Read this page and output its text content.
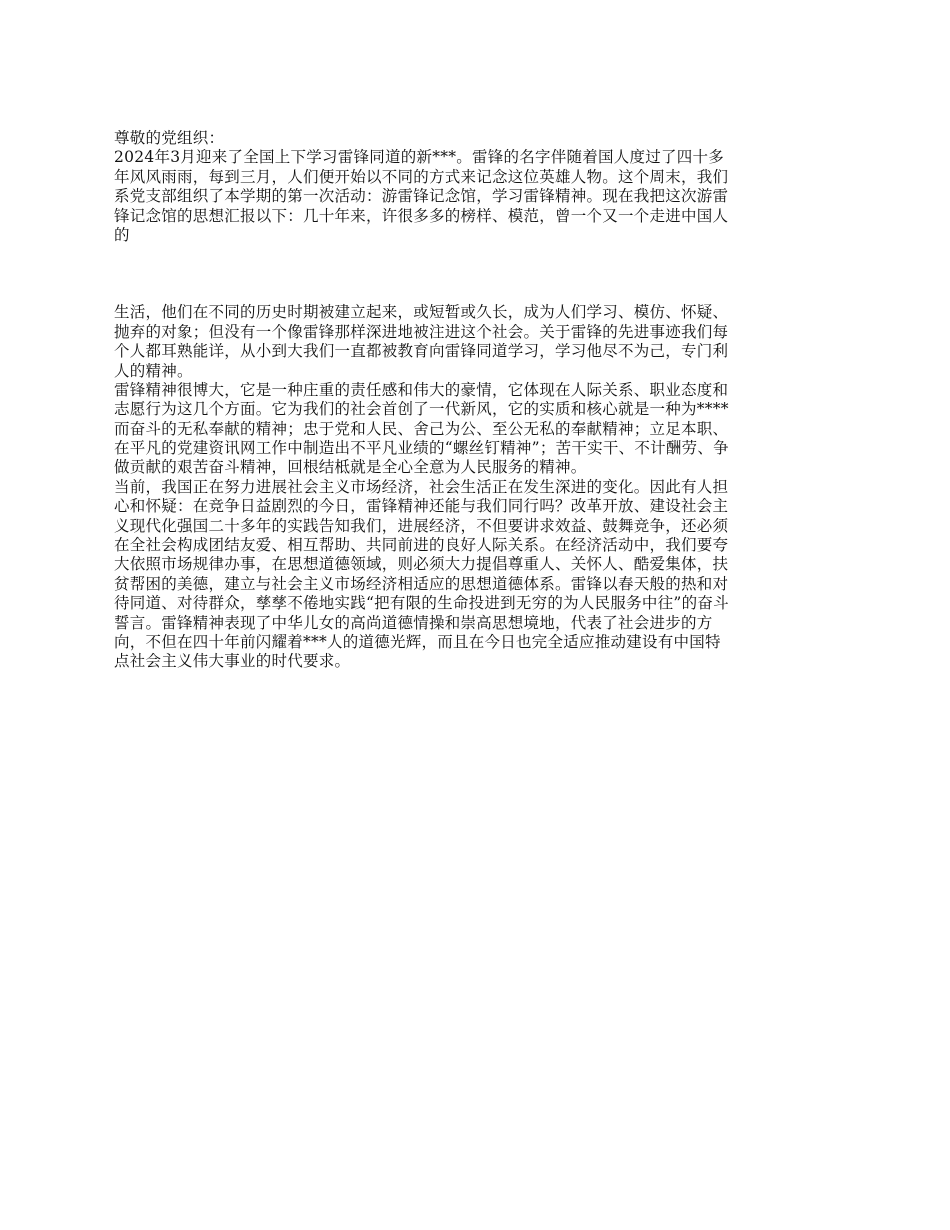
尊敬的党组织：
2024年3月迎来了全国上下学习雷锋同道的新***。雷锋的名字伴随着国人度过了四十多
年风风雨雨，每到三月，人们便开始以不同的方式来记念这位英雄人物。这个周末，我们
系党支部组织了本学期的第一次活动：游雷锋记念馆，学习雷锋精神。现在我把这次游雷
锋记念馆的思想汇报以下：几十年来，许很多多的榜样、模范，曾一个又一个走进中国人
的
生活，他们在不同的历史时期被建立起来，或短暂或久长，成为人们学习、模仿、怀疑、
抛弃的对象；但没有一个像雷锋那样深进地被注进这个社会。关于雷锋的先进事迹我们每
个人都耳熟能详，从小到大我们一直都被教育向雷锋同道学习，学习他尽不为己，专门利
人的精神。
雷锋精神很博大，它是一种庄重的责任感和伟大的豪情，它体现在人际关系、职业态度和
志愿行为这几个方面。它为我们的社会首创了一代新风，它的实质和核心就是一种为****
而奋斗的无私奉献的精神；忠于党和人民、舍己为公、至公无私的奉献精神；立足本职、
在平凡的党建资讯网工作中制造出不平凡业绩的“螺丝钉精神”；苦干实干、不计酬劳、争
做贡献的艰苦奋斗精神，回根结柢就是全心全意为人民服务的精神。
当前，我国正在努力进展社会主义市场经济，社会生活正在发生深进的变化。因此有人担
心和怀疑：在竞争日益剧烈的今日，雷锋精神还能与我们同行吗？改革开放、建设社会主
义现代化强国二十多年的实践告知我们，进展经济，不但要讲求效益、鼓舞竞争，还必须
在全社会构成团结友爱、相互帮助、共同前进的良好人际关系。在经济活动中，我们要夸
大依照市场规律办事，在思想道德领域，则必须大力提倡尊重人、关怀人、酷爱集体，扶
贫帮困的美德，建立与社会主义市场经济相适应的思想道德体系。雷锋以春天般的热和对
待同道、对待群众，孳孳不倦地实践“把有限的生命投进到无穷的为人民服务中往”的奋斗
誓言。雷锋精神表现了中华儿女的高尚道德情操和崇高思想境地，代表了社会进步的方
向，不但在四十年前闪耀着***人的道德光辉，而且在今日也完全适应推动建设有中国特
点社会主义伟大事业的时代要求。
